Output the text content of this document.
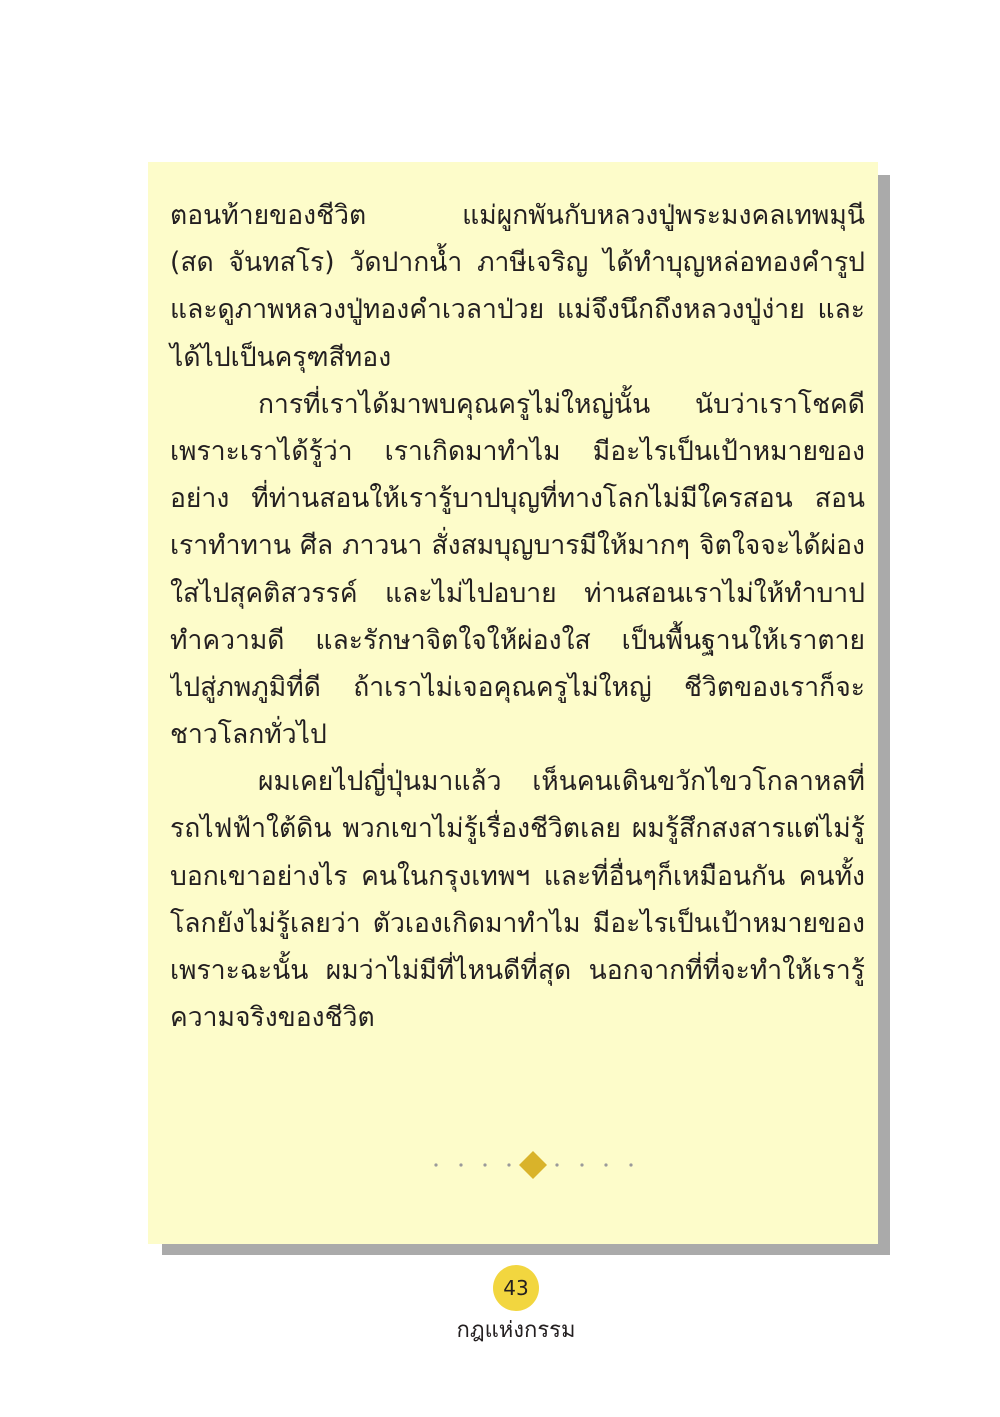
ตอนท้ายของชีวิต แม่ผูกพันกับหลวงปู่พระมงคลเทพมุนี
(สด จันทสโร) วัดปากน้ำ ภาษีเจริญ ได้ทำบุญหล่อทองคำรูป
และดูภาพหลวงปู่ทองคำเวลาป่วย แม่จึงนึกถึงหลวงปู่ง่าย และ
ได้ไปเป็นครุฑสีทอง
การที่เราได้มาพบคุณครูไม่ใหญ่นั้น นับว่าเราโชคดี
เพราะเราได้รู้ว่า เราเกิดมาทำไม มีอะไรเป็นเป้าหมายของ
อย่าง ที่ท่านสอนให้เรารู้บาปบุญที่ทางโลกไม่มีใครสอน สอน
เราทำทาน ศีล ภาวนา สั่งสมบุญบารมีให้มากๆ จิตใจจะได้ผ่อง
ใสไปสุคติสวรรค์ และไม่ไปอบาย ท่านสอนเราไม่ให้ทำบาป
ทำความดี และรักษาจิตใจให้ผ่องใส เป็นพื้นฐานให้เราตาย
ไปสู่ภพภูมิที่ดี ถ้าเราไม่เจอคุณครูไม่ใหญ่ ชีวิตของเราก็จะ
ชาวโลกทั่วไป
ผมเคยไปญี่ปุ่นมาแล้ว เห็นคนเดินขวักไขวโกลาหลที่
รถไฟฟ้าใต้ดิน พวกเขาไม่รู้เรื่องชีวิตเลย ผมรู้สึกสงสารแต่ไม่รู้
บอกเขาอย่างไร คนในกรุงเทพฯ และที่อื่นๆก็เหมือนกัน คนทั้ง
โลกยังไม่รู้เลยว่า ตัวเองเกิดมาทำไม มีอะไรเป็นเป้าหมายของ
เพราะฉะนั้น ผมว่าไม่มีที่ไหนดีที่สุด นอกจากที่ที่จะทำให้เรารู้
ความจริงของชีวิต
43
กฎแห่งกรรม
